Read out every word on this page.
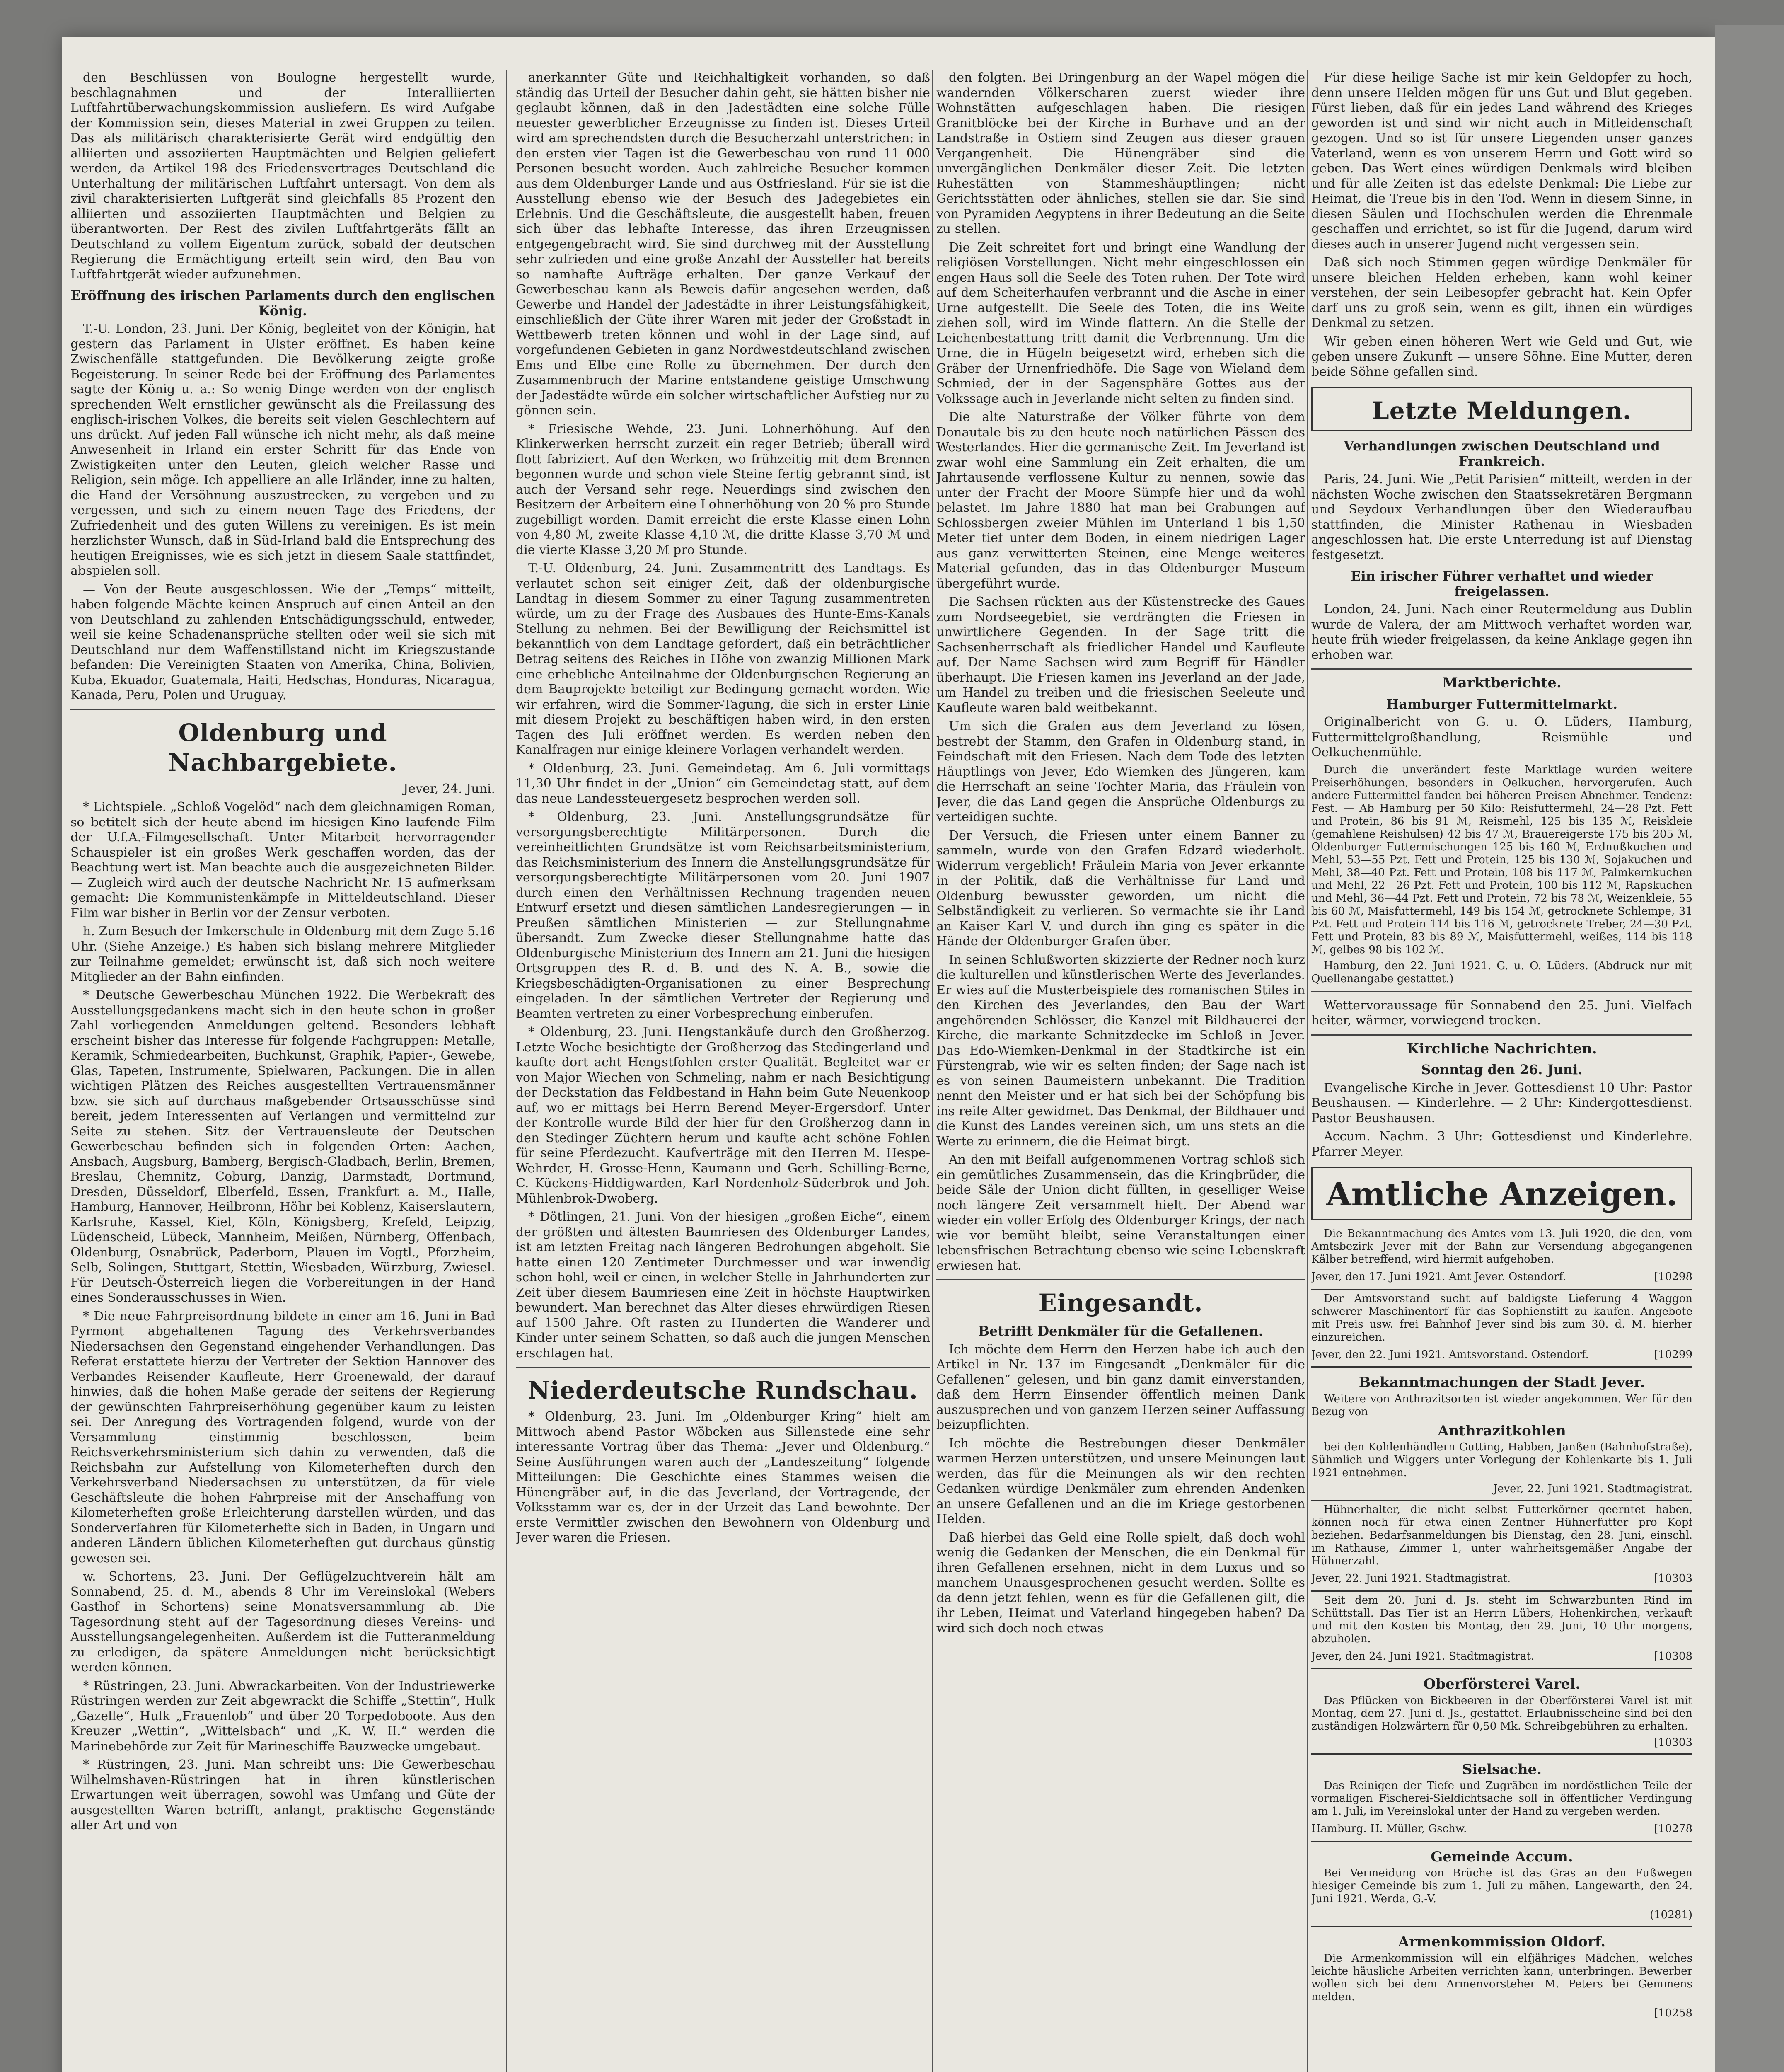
den Beschlüssen von Boulogne hergestellt wurde, beschlagnahmen und der Interalliierten Luftfahrtüberwachungskommission ausliefern. Es wird Aufgabe der Kommission sein, dieses Material in zwei Gruppen zu teilen. Das als militärisch charakterisierte Gerät wird endgültig den alliierten und assoziierten Hauptmächten und Belgien geliefert werden, da Artikel 198 des Friedensvertrages Deutschland die Unterhaltung der militärischen Luftfahrt untersagt. Von dem als zivil charakterisierten Luftgerät sind gleichfalls 85 Prozent den alliierten und assoziierten Hauptmächten und Belgien zu überantworten. Der Rest des zivilen Luftfahrtgeräts fällt an Deutschland zu vollem Eigentum zurück, sobald der deutschen Regierung die Ermächtigung erteilt sein wird, den Bau von Luftfahrtgerät wieder aufzunehmen.

Eröffnung des irischen Parlaments durch den englischen König.

T.-U. London, 23. Juni. Der König, begleitet von der Königin, hat gestern das Parlament in Ulster eröffnet. Es haben keine Zwischenfälle stattgefunden. Die Bevölkerung zeigte große Begeisterung. In seiner Rede bei der Eröffnung des Parlamentes sagte der König u. a.: So wenig Dinge werden von der englisch sprechenden Welt ernstlicher gewünscht als die Freilassung des englisch-irischen Volkes, die bereits seit vielen Geschlechtern auf uns drückt. Auf jeden Fall wünsche ich nicht mehr, als daß meine Anwesenheit in Irland ein erster Schritt für das Ende von Zwistigkeiten unter den Leuten, gleich welcher Rasse und Religion, sein möge. Ich appelliere an alle Irländer, inne zu halten, die Hand der Versöhnung auszustrecken, zu vergeben und zu vergessen, und sich zu einem neuen Tage des Friedens, der Zufriedenheit und des guten Willens zu vereinigen. Es ist mein herzlichster Wunsch, daß in Süd-Irland bald die Entsprechung des heutigen Ereignisses, wie es sich jetzt in diesem Saale stattfindet, abspielen soll.

— Von der Beute ausgeschlossen. Wie der „Temps“ mitteilt, haben folgende Mächte keinen Anspruch auf einen Anteil an den von Deutschland zu zahlenden Entschädigungsschuld, entweder, weil sie keine Schadenansprüche stellten oder weil sie sich mit Deutschland nur dem Waffenstillstand nicht im Kriegszustande befanden: Die Vereinigten Staaten von Amerika, China, Bolivien, Kuba, Ekuador, Guatemala, Haiti, Hedschas, Honduras, Nicaragua, Kanada, Peru, Polen und Uruguay.

Oldenburg und Nachbargebiete.

Jever, 24. Juni.

* Lichtspiele. „Schloß Vogelöd“ nach dem gleichnamigen Roman, so betitelt sich der heute abend im hiesigen Kino laufende Film der U.f.A.-Filmgesellschaft. Unter Mitarbeit hervorragender Schauspieler ist ein großes Werk geschaffen worden, das der Beachtung wert ist. Man beachte auch die ausgezeichneten Bilder. — Zugleich wird auch der deutsche Nachricht Nr. 15 aufmerksam gemacht: Die Kommunistenkämpfe in Mitteldeutschland. Dieser Film war bisher in Berlin vor der Zensur verboten.

h. Zum Besuch der Imkerschule in Oldenburg mit dem Zuge 5.16 Uhr. (Siehe Anzeige.) Es haben sich bislang mehrere Mitglieder zur Teilnahme gemeldet; erwünscht ist, daß sich noch weitere Mitglieder an der Bahn einfinden.

* Deutsche Gewerbeschau München 1922. Die Werbekraft des Ausstellungsgedankens macht sich in den heute schon in großer Zahl vorliegenden Anmeldungen geltend. Besonders lebhaft erscheint bisher das Interesse für folgende Fachgruppen: Metalle, Keramik, Schmiedearbeiten, Buchkunst, Graphik, Papier-, Gewebe, Glas, Tapeten, Instrumente, Spielwaren, Packungen. Die in allen wichtigen Plätzen des Reiches ausgestellten Vertrauensmänner bzw. sie sich auf durchaus maßgebender Ortsausschüsse sind bereit, jedem Interessenten auf Verlangen und vermittelnd zur Seite zu stehen. Sitz der Vertrauensleute der Deutschen Gewerbeschau befinden sich in folgenden Orten: Aachen, Ansbach, Augsburg, Bamberg, Bergisch-Gladbach, Berlin, Bremen, Breslau, Chemnitz, Coburg, Danzig, Darmstadt, Dortmund, Dresden, Düsseldorf, Elberfeld, Essen, Frankfurt a. M., Halle, Hamburg, Hannover, Heilbronn, Höhr bei Koblenz, Kaiserslautern, Karlsruhe, Kassel, Kiel, Köln, Königsberg, Krefeld, Leipzig, Lüdenscheid, Lübeck, Mannheim, Meißen, Nürnberg, Offenbach, Oldenburg, Osnabrück, Paderborn, Plauen im Vogtl., Pforzheim, Selb, Solingen, Stuttgart, Stettin, Wiesbaden, Würzburg, Zwiesel. Für Deutsch-Österreich liegen die Vorbereitungen in der Hand eines Sonderausschusses in Wien.

* Die neue Fahrpreisordnung bildete in einer am 16. Juni in Bad Pyrmont abgehaltenen Tagung des Verkehrsverbandes Niedersachsen den Gegenstand eingehender Verhandlungen. Das Referat erstattete hierzu der Vertreter der Sektion Hannover des Verbandes Reisender Kaufleute, Herr Groenewald, der darauf hinwies, daß die hohen Maße gerade der seitens der Regierung der gewünschten Fahrpreiserhöhung gegenüber kaum zu leisten sei. Der Anregung des Vortragenden folgend, wurde von der Versammlung einstimmig beschlossen, beim Reichsverkehrsministerium sich dahin zu verwenden, daß die Reichsbahn zur Aufstellung von Kilometerheften durch den Verkehrsverband Niedersachsen zu unterstützen, da für viele Geschäftsleute die hohen Fahrpreise mit der Anschaffung von Kilometerheften große Erleichterung darstellen würden, und das Sonderverfahren für Kilometerhefte sich in Baden, in Ungarn und anderen Ländern üblichen Kilometerheften gut durchaus günstig gewesen sei.

w. Schortens, 23. Juni. Der Geflügelzuchtverein hält am Sonnabend, 25. d. M., abends 8 Uhr im Vereinslokal (Webers Gasthof in Schortens) seine Monatsversammlung ab. Die Tagesordnung steht auf der Tagesordnung dieses Vereins- und Ausstellungsangelegenheiten. Außerdem ist die Futteranmeldung zu erledigen, da spätere Anmeldungen nicht berücksichtigt werden können.

* Rüstringen, 23. Juni. Abwrackarbeiten. Von der Industriewerke Rüstringen werden zur Zeit abgewrackt die Schiffe „Stettin“, Hulk „Gazelle“, Hulk „Frauenlob“ und über 20 Torpedoboote. Aus den Kreuzer „Wettin“, „Wittelsbach“ und „K. W. II.“ werden die Marinebehörde zur Zeit für Marineschiffe Bauzwecke umgebaut.

* Rüstringen, 23. Juni. Man schreibt uns: Die Gewerbeschau Wilhelmshaven-Rüstringen hat in ihren künstlerischen Erwartungen weit überragen, sowohl was Umfang und Güte der ausgestellten Waren betrifft, anlangt, praktische Gegenstände aller Art und von

anerkannter Güte und Reichhaltigkeit vorhanden, so daß ständig das Urteil der Besucher dahin geht, sie hätten bisher nie geglaubt können, daß in den Jadestädten eine solche Fülle neuester gewerblicher Erzeugnisse zu finden ist. Dieses Urteil wird am sprechendsten durch die Besucherzahl unterstrichen: in den ersten vier Tagen ist die Gewerbeschau von rund 11 000 Personen besucht worden. Auch zahlreiche Besucher kommen aus dem Oldenburger Lande und aus Ostfriesland. Für sie ist die Ausstellung ebenso wie der Besuch des Jadegebietes ein Erlebnis. Und die Geschäftsleute, die ausgestellt haben, freuen sich über das lebhafte Interesse, das ihren Erzeugnissen entgegengebracht wird. Sie sind durchweg mit der Ausstellung sehr zufrieden und eine große Anzahl der Aussteller hat bereits so namhafte Aufträge erhalten. Der ganze Verkauf der Gewerbeschau kann als Beweis dafür angesehen werden, daß Gewerbe und Handel der Jadestädte in ihrer Leistungsfähigkeit, einschließlich der Güte ihrer Waren mit jeder der Großstadt in Wettbewerb treten können und wohl in der Lage sind, auf vorgefundenen Gebieten in ganz Nordwestdeutschland zwischen Ems und Elbe eine Rolle zu übernehmen. Der durch den Zusammenbruch der Marine entstandene geistige Umschwung der Jadestädte würde ein solcher wirtschaftlicher Aufstieg nur zu gönnen sein.

* Friesische Wehde, 23. Juni. Lohnerhöhung. Auf den Klinkerwerken herrscht zurzeit ein reger Betrieb; überall wird flott fabriziert. Auf den Werken, wo frühzeitig mit dem Brennen begonnen wurde und schon viele Steine fertig gebrannt sind, ist auch der Versand sehr rege. Neuerdings sind zwischen den Besitzern der Arbeitern eine Lohnerhöhung von 20 % pro Stunde zugebilligt worden. Damit erreicht die erste Klasse einen Lohn von 4,80 ℳ, zweite Klasse 4,10 ℳ, die dritte Klasse 3,70 ℳ und die vierte Klasse 3,20 ℳ pro Stunde.

T.-U. Oldenburg, 24. Juni. Zusammentritt des Landtags. Es verlautet schon seit einiger Zeit, daß der oldenburgische Landtag in diesem Sommer zu einer Tagung zusammentreten würde, um zu der Frage des Ausbaues des Hunte-Ems-Kanals Stellung zu nehmen. Bei der Bewilligung der Reichsmittel ist bekanntlich von dem Landtage gefordert, daß ein beträchtlicher Betrag seitens des Reiches in Höhe von zwanzig Millionen Mark eine erhebliche Anteilnahme der Oldenburgischen Regierung an dem Bauprojekte beteiligt zur Bedingung gemacht worden. Wie wir erfahren, wird die Sommer-Tagung, die sich in erster Linie mit diesem Projekt zu beschäftigen haben wird, in den ersten Tagen des Juli eröffnet werden. Es werden neben den Kanalfragen nur einige kleinere Vorlagen verhandelt werden.

* Oldenburg, 23. Juni. Gemeindetag. Am 6. Juli vormittags 11,30 Uhr findet in der „Union“ ein Gemeindetag statt, auf dem das neue Landessteuergesetz besprochen werden soll.

* Oldenburg, 23. Juni. Anstellungsgrundsätze für versorgungsberechtigte Militärpersonen. Durch die vereinheitlichten Grundsätze ist vom Reichsarbeitsministerium, das Reichsministerium des Innern die Anstellungsgrundsätze für versorgungsberechtigte Militärpersonen vom 20. Juni 1907 durch einen den Verhältnissen Rechnung tragenden neuen Entwurf ersetzt und diesen sämtlichen Landesregierungen — in Preußen sämtlichen Ministerien — zur Stellungnahme übersandt. Zum Zwecke dieser Stellungnahme hatte das Oldenburgische Ministerium des Innern am 21. Juni die hiesigen Ortsgruppen des R. d. B. und des N. A. B., sowie die Kriegsbeschädigten-Organisationen zu einer Besprechung eingeladen. In der sämtlichen Vertreter der Regierung und Beamten vertreten zu einer Vorbesprechung einberufen.

* Oldenburg, 23. Juni. Hengstankäufe durch den Großherzog. Letzte Woche besichtigte der Großherzog das Stedingerland und kaufte dort acht Hengstfohlen erster Qualität. Begleitet war er von Major Wiechen von Schmeling, nahm er nach Besichtigung der Deckstation das Feldbestand in Hahn beim Gute Neuenkoop auf, wo er mittags bei Herrn Berend Meyer-Ergersdorf. Unter der Kontrolle wurde Bild der hier für den Großherzog dann in den Stedinger Züchtern herum und kaufte acht schöne Fohlen für seine Pferdezucht. Kaufverträge mit den Herren M. Hespe-Wehrder, H. Grosse-Henn, Kaumann und Gerh. Schilling-Berne, C. Kückens-Hiddigwarden, Karl Nordenholz-Süderbrok und Joh. Mühlenbrok-Dwoberg.

* Dötlingen, 21. Juni. Von der hiesigen „großen Eiche“, einem der größten und ältesten Baumriesen des Oldenburger Landes, ist am letzten Freitag nach längeren Bedrohungen abgeholt. Sie hatte einen 120 Zentimeter Durchmesser und war inwendig schon hohl, weil er einen, in welcher Stelle in Jahrhunderten zur Zeit über diesem Baumriesen eine Zeit in höchste Hauptwirken bewundert. Man berechnet das Alter dieses ehrwürdigen Riesen auf 1500 Jahre. Oft rasten zu Hunderten die Wanderer und Kinder unter seinem Schatten, so daß auch die jungen Menschen erschlagen hat.

Niederdeutsche Rundschau.

* Oldenburg, 23. Juni. Im „Oldenburger Kring“ hielt am Mittwoch abend Pastor Wöbcken aus Sillenstede eine sehr interessante Vortrag über das Thema: „Jever und Oldenburg.“ Seine Ausführungen waren auch der „Landeszeitung“ folgende Mitteilungen: Die Geschichte eines Stammes weisen die Hünengräber auf, in die das Jeverland, der Vortragende, der Volksstamm war es, der in der Urzeit das Land bewohnte. Der erste Vermittler zwischen den Bewohnern von Oldenburg und Jever waren die Friesen.

den folgten. Bei Dringenburg an der Wapel mögen die wandernden Völkerscharen zuerst wieder ihre Wohnstätten aufgeschlagen haben. Die riesigen Granitblöcke bei der Kirche in Burhave und an der Landstraße in Ostiem sind Zeugen aus dieser grauen Vergangenheit. Die Hünengräber sind die unvergänglichen Denkmäler dieser Zeit. Die letzten Ruhestätten von Stammeshäuptlingen; nicht Gerichtsstätten oder ähnliches, stellen sie dar. Sie sind von Pyramiden Aegyptens in ihrer Bedeutung an die Seite zu stellen.

Die Zeit schreitet fort und bringt eine Wandlung der religiösen Vorstellungen. Nicht mehr eingeschlossen ein engen Haus soll die Seele des Toten ruhen. Der Tote wird auf dem Scheiterhaufen verbrannt und die Asche in einer Urne aufgestellt. Die Seele des Toten, die ins Weite ziehen soll, wird im Winde flattern. An die Stelle der Leichenbestattung tritt damit die Verbrennung. Um die Urne, die in Hügeln beigesetzt wird, erheben sich die Gräber der Urnenfriedhöfe. Die Sage von Wieland dem Schmied, der in der Sagensphäre Gottes aus der Volkssage auch in Jeverlande nicht selten zu finden sind.

Die alte Naturstraße der Völker führte von dem Donautale bis zu den heute noch natürlichen Pässen des Westerlandes. Hier die germanische Zeit. Im Jeverland ist zwar wohl eine Sammlung ein Zeit erhalten, die um Jahrtausende verflossene Kultur zu nennen, sowie das unter der Fracht der Moore Sümpfe hier und da wohl belastet. Im Jahre 1880 hat man bei Grabungen auf Schlossbergen zweier Mühlen im Unterland 1 bis 1,50 Meter tief unter dem Boden, in einem niedrigen Lager aus ganz verwitterten Steinen, eine Menge weiteres Material gefunden, das in das Oldenburger Museum übergeführt wurde.

Die Sachsen rückten aus der Küstenstrecke des Gaues zum Nordseegebiet, sie verdrängten die Friesen in unwirtlichere Gegenden. In der Sage tritt die Sachsenherrschaft als friedlicher Handel und Kaufleute auf. Der Name Sachsen wird zum Begriff für Händler überhaupt. Die Friesen kamen ins Jeverland an der Jade, um Handel zu treiben und die friesischen Seeleute und Kaufleute waren bald weitbekannt.

Um sich die Grafen aus dem Jeverland zu lösen, bestrebt der Stamm, den Grafen in Oldenburg stand, in Feindschaft mit den Friesen. Nach dem Tode des letzten Häuptlings von Jever, Edo Wiemken des Jüngeren, kam die Herrschaft an seine Tochter Maria, das Fräulein von Jever, die das Land gegen die Ansprüche Oldenburgs zu verteidigen suchte.

Der Versuch, die Friesen unter einem Banner zu sammeln, wurde von den Grafen Edzard wiederholt. Widerrum vergeblich! Fräulein Maria von Jever erkannte in der Politik, daß die Verhältnisse für Land und Oldenburg bewusster geworden, um nicht die Selbständigkeit zu verlieren. So vermachte sie ihr Land an Kaiser Karl V. und durch ihn ging es später in die Hände der Oldenburger Grafen über.

In seinen Schlußworten skizzierte der Redner noch kurz die kulturellen und künstlerischen Werte des Jeverlandes. Er wies auf die Musterbeispiele des romanischen Stiles in den Kirchen des Jeverlandes, den Bau der Warf angehörenden Schlösser, die Kanzel mit Bildhauerei der Kirche, die markante Schnitzdecke im Schloß in Jever. Das Edo-Wiemken-Denkmal in der Stadtkirche ist ein Fürstengrab, wie wir es selten finden; der Sage nach ist es von seinen Baumeistern unbekannt. Die Tradition nennt den Meister und er hat sich bei der Schöpfung bis ins reife Alter gewidmet. Das Denkmal, der Bildhauer und die Kunst des Landes vereinen sich, um uns stets an die Werte zu erinnern, die die Heimat birgt.

An den mit Beifall aufgenommenen Vortrag schloß sich ein gemütliches Zusammensein, das die Kringbrüder, die beide Säle der Union dicht füllten, in geselliger Weise noch längere Zeit versammelt hielt. Der Abend war wieder ein voller Erfolg des Oldenburger Krings, der nach wie vor bemüht bleibt, seine Veranstaltungen einer lebensfrischen Betrachtung ebenso wie seine Lebenskraft erwiesen hat.

Eingesandt.
Betrifft Denkmäler für die Gefallenen.

Ich möchte dem Herrn den Herzen habe ich auch den Artikel in Nr. 137 im Eingesandt „Denkmäler für die Gefallenen“ gelesen, und bin ganz damit einverstanden, daß dem Herrn Einsender öffentlich meinen Dank auszusprechen und von ganzem Herzen seiner Auffassung beizupflichten.

Ich möchte die Bestrebungen dieser Denkmäler warmen Herzen unterstützen, und unsere Meinungen laut werden, das für die Meinungen als wir den rechten Gedanken würdige Denkmäler zum ehrenden Andenken an unsere Gefallenen und an die im Kriege gestorbenen Helden.

Daß hierbei das Geld eine Rolle spielt, daß doch wohl wenig die Gedanken der Menschen, die ein Denkmal für ihren Gefallenen ersehnen, nicht in dem Luxus und so manchem Unausgesprochenen gesucht werden. Sollte es da denn jetzt fehlen, wenn es für die Gefallenen gilt, die ihr Leben, Heimat und Vaterland hingegeben haben? Da wird sich doch noch etwas

Für diese heilige Sache ist mir kein Geldopfer zu hoch, denn unsere Helden mögen für uns Gut und Blut gegeben. Fürst lieben, daß für ein jedes Land während des Krieges geworden ist und sind wir nicht auch in Mitleidenschaft gezogen. Und so ist für unsere Liegenden unser ganzes Vaterland, wenn es von unserem Herrn und Gott wird so geben. Das Wert eines würdigen Denkmals wird bleiben und für alle Zeiten ist das edelste Denkmal: Die Liebe zur Heimat, die Treue bis in den Tod. Wenn in diesem Sinne, in diesen Säulen und Hochschulen werden die Ehrenmale geschaffen und errichtet, so ist für die Jugend, darum wird dieses auch in unserer Jugend nicht vergessen sein.

Daß sich noch Stimmen gegen würdige Denkmäler für unsere bleichen Helden erheben, kann wohl keiner verstehen, der sein Leibesopfer gebracht hat. Kein Opfer darf uns zu groß sein, wenn es gilt, ihnen ein würdiges Denkmal zu setzen.

Wir geben einen höheren Wert wie Geld und Gut, wie geben unsere Zukunft — unsere Söhne. Eine Mutter, deren beide Söhne gefallen sind.

Letzte Meldungen.
Verhandlungen zwischen Deutschland und Frankreich.

Paris, 24. Juni. Wie „Petit Parisien“ mitteilt, werden in der nächsten Woche zwischen den Staatssekretären Bergmann und Seydoux Verhandlungen über den Wiederaufbau stattfinden, die Minister Rathenau in Wiesbaden angeschlossen hat. Die erste Unterredung ist auf Dienstag festgesetzt.

Ein irischer Führer verhaftet und wieder freigelassen.

London, 24. Juni. Nach einer Reutermeldung aus Dublin wurde de Valera, der am Mittwoch verhaftet worden war, heute früh wieder freigelassen, da keine Anklage gegen ihn erhoben war.

Marktberichte.
Hamburger Futtermittelmarkt.

Originalbericht von G. u. O. Lüders, Hamburg, Futtermittelgroßhandlung, Reismühle und Oelkuchenmühle.

Durch die unverändert feste Marktlage wurden weitere Preiserhöhungen, besonders in Oelkuchen, hervorgerufen. Auch andere Futtermittel fanden bei höheren Preisen Abnehmer. Tendenz: Fest. — Ab Hamburg per 50 Kilo: Reisfuttermehl, 24—28 Pzt. Fett und Protein, 86 bis 91 ℳ, Reismehl, 125 bis 135 ℳ, Reiskleie (gemahlene Reishülsen) 42 bis 47 ℳ, Brauereigerste 175 bis 205 ℳ, Oldenburger Futtermischungen 125 bis 160 ℳ, Erdnußkuchen und Mehl, 53—55 Pzt. Fett und Protein, 125 bis 130 ℳ, Sojakuchen und Mehl, 38—40 Pzt. Fett und Protein, 108 bis 117 ℳ, Palmkernkuchen und Mehl, 22—26 Pzt. Fett und Protein, 100 bis 112 ℳ, Rapskuchen und Mehl, 36—44 Pzt. Fett und Protein, 72 bis 78 ℳ, Weizenkleie, 55 bis 60 ℳ, Maisfuttermehl, 149 bis 154 ℳ, getrocknete Schlempe, 31 Pzt. Fett und Protein 114 bis 116 ℳ, getrocknete Treber, 24—30 Pzt. Fett und Protein, 83 bis 89 ℳ, Maisfuttermehl, weißes, 114 bis 118 ℳ, gelbes 98 bis 102 ℳ.

Hamburg, den 22. Juni 1921. G. u. O. Lüders. (Abdruck nur mit Quellenangabe gestattet.)

Wettervoraussage für Sonnabend den 25. Juni. Vielfach heiter, wärmer, vorwiegend trocken.

Kirchliche Nachrichten.
Sonntag den 26. Juni.

Evangelische Kirche in Jever. Gottesdienst 10 Uhr: Pastor Beushausen. — Kinderlehre. — 2 Uhr: Kindergottesdienst. Pastor Beushausen.

Accum. Nachm. 3 Uhr: Gottesdienst und Kinderlehre. Pfarrer Meyer.

Amtliche Anzeigen.

Die Bekanntmachung des Amtes vom 13. Juli 1920, die den, vom Amtsbezirk Jever mit der Bahn zur Versendung abgegangenen Kälber betreffend, wird hiermit aufgehoben.

Jever, den 17. Juni 1921. Amt Jever. Ostendorf.	[10298

Der Amtsvorstand sucht auf baldigste Lieferung 4 Waggon schwerer Maschinentorf für das Sophienstift zu kaufen. Angebote mit Preis usw. frei Bahnhof Jever sind bis zum 30. d. M. hierher einzureichen.

Jever, den 22. Juni 1921. Amtsvorstand. Ostendorf.	[10299
Bekanntmachungen der Stadt Jever.

Weitere von Anthrazitsorten ist wieder angekommen. Wer für den Bezug von

Anthrazitkohlen

bei den Kohlenhändlern Gutting, Habben, Janßen (Bahnhofstraße), Sühmlich und Wiggers unter Vorlegung der Kohlenkarte bis 1. Juli 1921 entnehmen.

Jever, 22. Juni 1921. Stadtmagistrat.

Hühnerhalter, die nicht selbst Futterkörner geerntet haben, können noch für etwa einen Zentner Hühnerfutter pro Kopf beziehen. Bedarfsanmeldungen bis Dienstag, den 28. Juni, einschl. im Rathause, Zimmer 1, unter wahrheitsgemäßer Angabe der Hühnerzahl.

Jever, 22. Juni 1921. Stadtmagistrat.	[10303

Seit dem 20. Juni d. Js. steht im Schwarzbunten Rind im Schüttstall. Das Tier ist an Herrn Lübers, Hohenkirchen, verkauft und mit den Kosten bis Montag, den 29. Juni, 10 Uhr morgens, abzuholen.

Jever, den 24. Juni 1921. Stadtmagistrat.	[10308
Oberförsterei Varel.

Das Pflücken von Bickbeeren in der Oberförsterei Varel ist mit Montag, dem 27. Juni d. Js., gestattet. Erlaubnisscheine sind bei den zuständigen Holzwärtern für 0,50 Mk. Schreibgebühren zu erhalten.

[10303

Sielsache.

Das Reinigen der Tiefe und Zugräben im nordöstlichen Teile der vormaligen Fischerei-Sieldichtsache soll in öffentlicher Verdingung am 1. Juli, im Vereinslokal unter der Hand zu vergeben werden.

Hamburg. H. Müller, Gschw.	[10278
Gemeinde Accum.

Bei Vermeidung von Brüche ist das Gras an den Fußwegen hiesiger Gemeinde bis zum 1. Juli zu mähen. Langewarth, den 24. Juni 1921. Werda, G.-V.

(10281)

Armenkommission Oldorf.

Die Armenkommission will ein elfjähriges Mädchen, welches leichte häusliche Arbeiten verrichten kann, unterbringen. Bewerber wollen sich bei dem Armenvorsteher M. Peters bei Gemmens melden.

[10258
